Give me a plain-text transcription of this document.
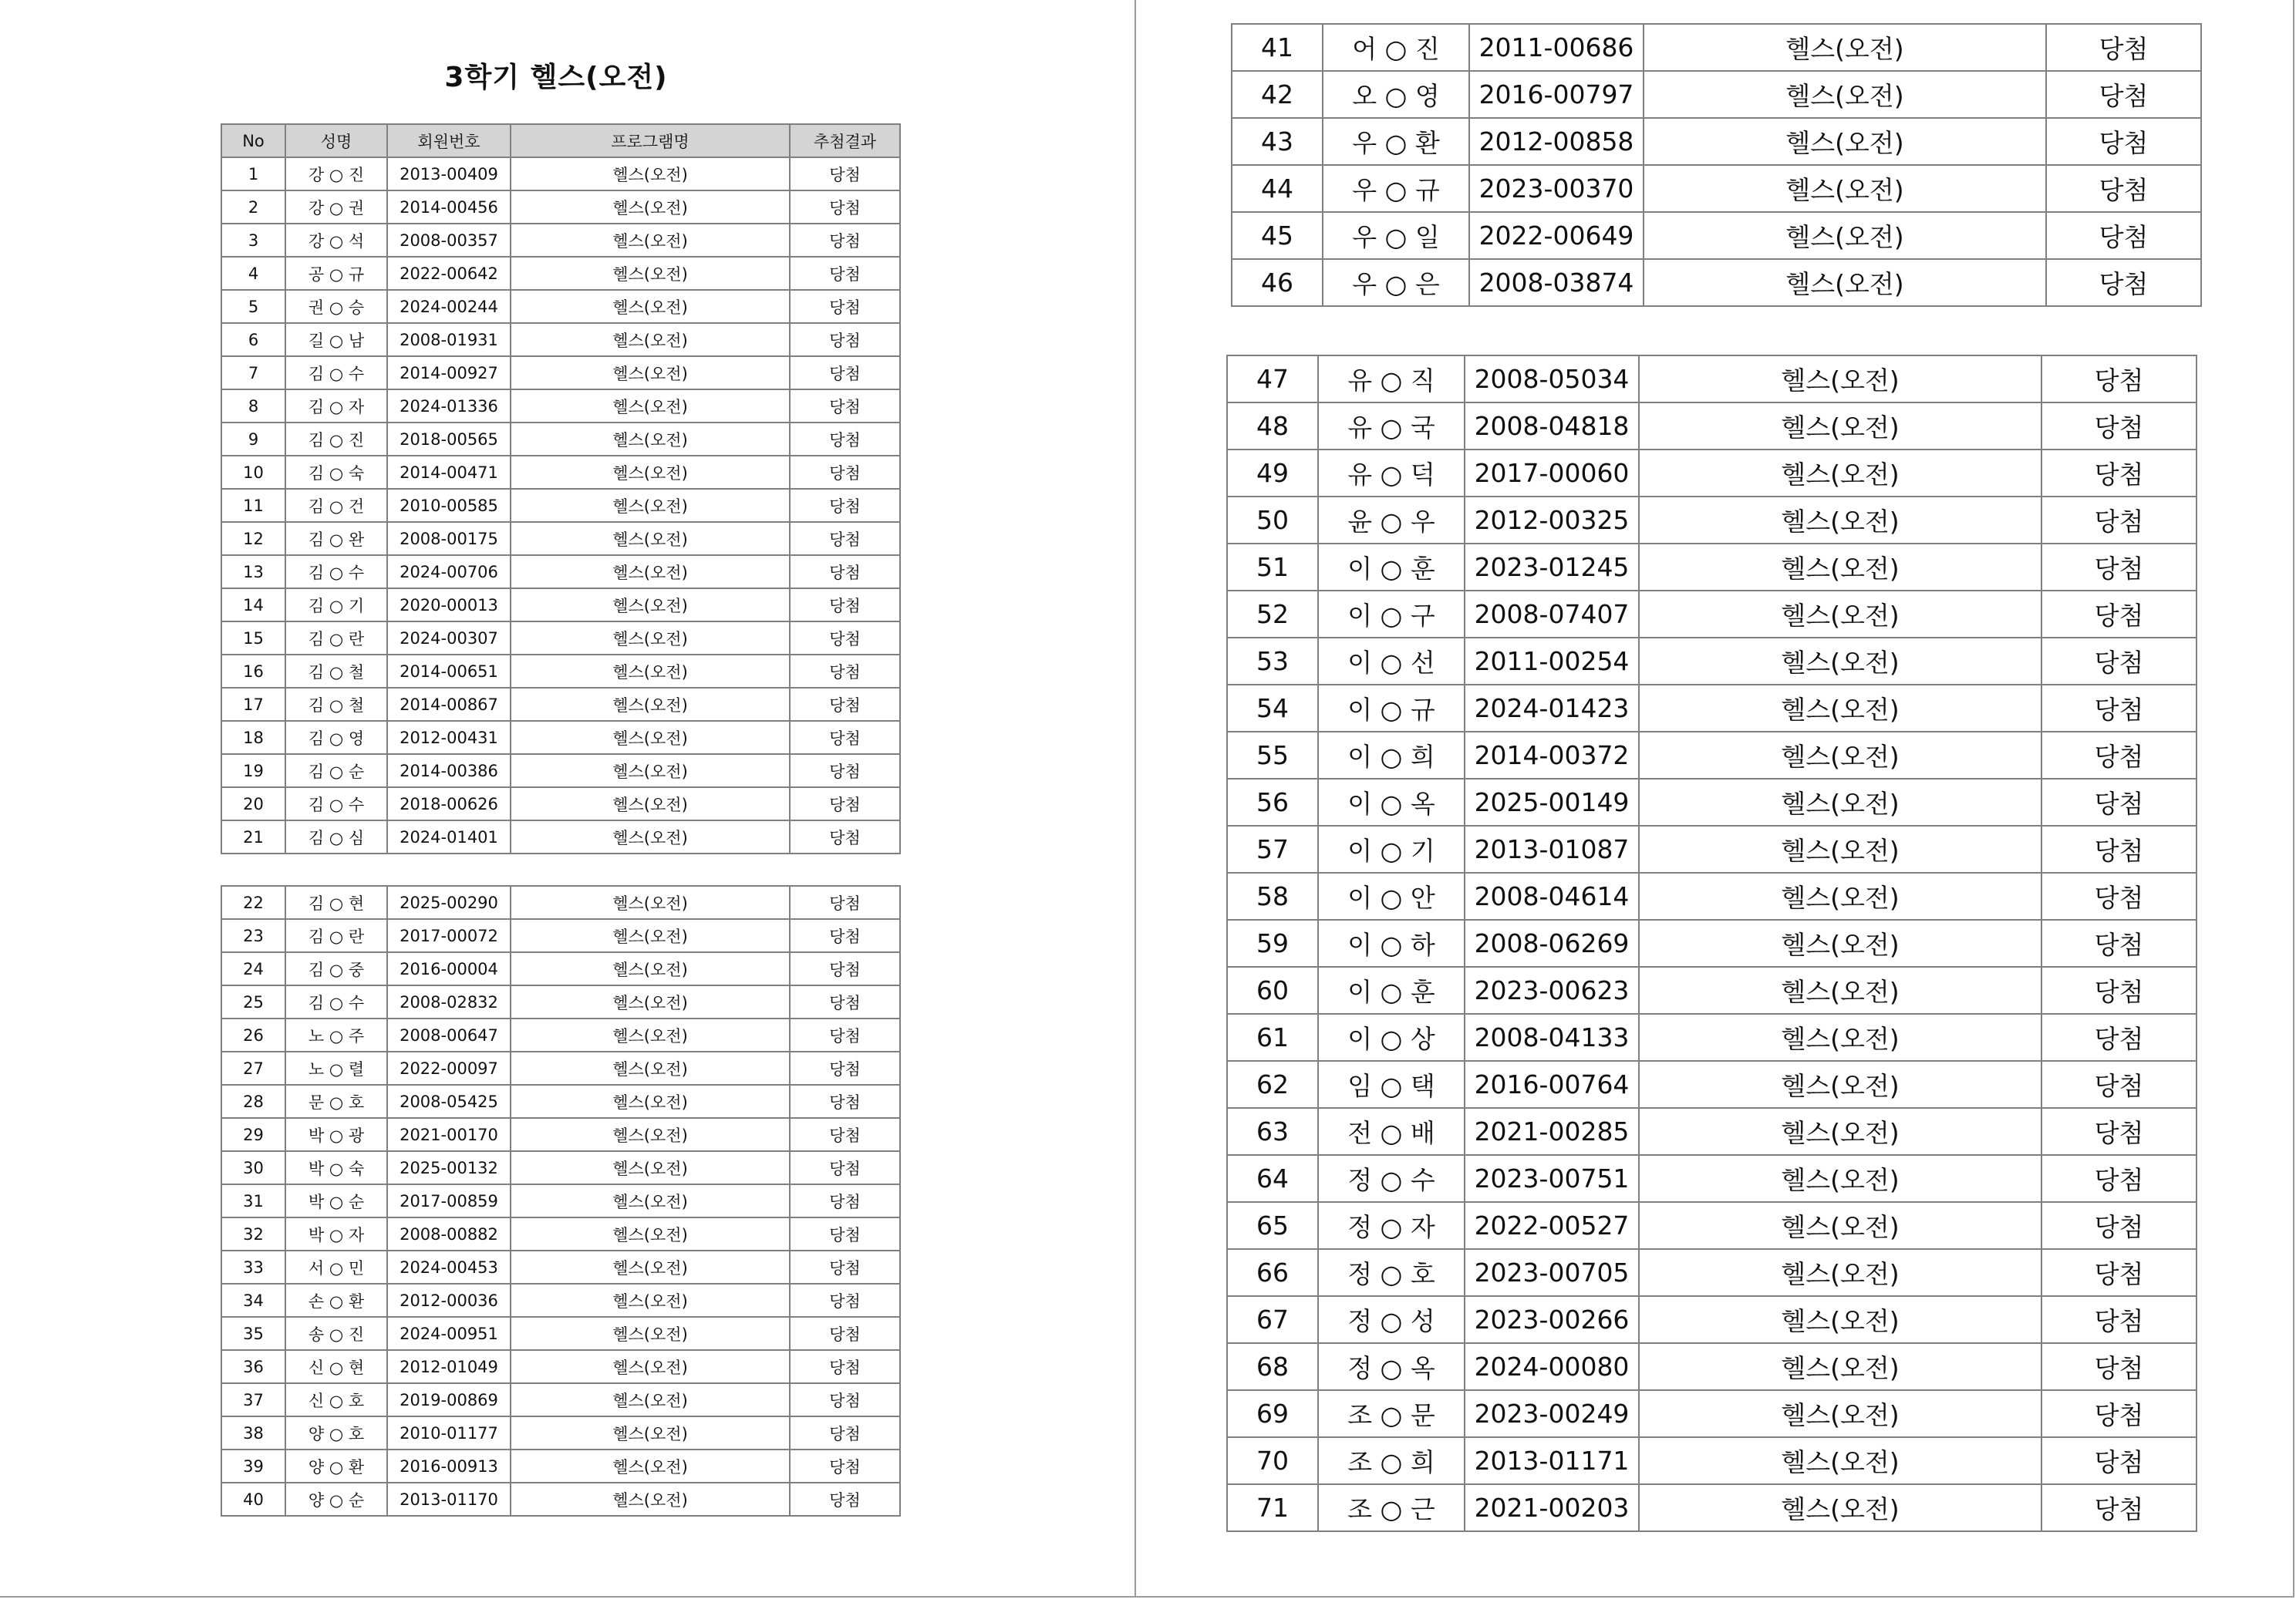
3학기 헬스(오전)
No	성명	회원번호	프로그램명	추첨결과
1	강 ○ 진	2013-00409	헬스(오전)	당첨
2	강 ○ 권	2014-00456	헬스(오전)	당첨
3	강 ○ 석	2008-00357	헬스(오전)	당첨
4	공 ○ 규	2022-00642	헬스(오전)	당첨
5	권 ○ 승	2024-00244	헬스(오전)	당첨
6	길 ○ 남	2008-01931	헬스(오전)	당첨
7	김 ○ 수	2014-00927	헬스(오전)	당첨
8	김 ○ 자	2024-01336	헬스(오전)	당첨
9	김 ○ 진	2018-00565	헬스(오전)	당첨
10	김 ○ 숙	2014-00471	헬스(오전)	당첨
11	김 ○ 건	2010-00585	헬스(오전)	당첨
12	김 ○ 완	2008-00175	헬스(오전)	당첨
13	김 ○ 수	2024-00706	헬스(오전)	당첨
14	김 ○ 기	2020-00013	헬스(오전)	당첨
15	김 ○ 란	2024-00307	헬스(오전)	당첨
16	김 ○ 철	2014-00651	헬스(오전)	당첨
17	김 ○ 철	2014-00867	헬스(오전)	당첨
18	김 ○ 영	2012-00431	헬스(오전)	당첨
19	김 ○ 순	2014-00386	헬스(오전)	당첨
20	김 ○ 수	2018-00626	헬스(오전)	당첨
21	김 ○ 심	2024-01401	헬스(오전)	당첨
22	김 ○ 현	2025-00290	헬스(오전)	당첨
23	김 ○ 란	2017-00072	헬스(오전)	당첨
24	김 ○ 중	2016-00004	헬스(오전)	당첨
25	김 ○ 수	2008-02832	헬스(오전)	당첨
26	노 ○ 주	2008-00647	헬스(오전)	당첨
27	노 ○ 렬	2022-00097	헬스(오전)	당첨
28	문 ○ 호	2008-05425	헬스(오전)	당첨
29	박 ○ 광	2021-00170	헬스(오전)	당첨
30	박 ○ 숙	2025-00132	헬스(오전)	당첨
31	박 ○ 순	2017-00859	헬스(오전)	당첨
32	박 ○ 자	2008-00882	헬스(오전)	당첨
33	서 ○ 민	2024-00453	헬스(오전)	당첨
34	손 ○ 환	2012-00036	헬스(오전)	당첨
35	송 ○ 진	2024-00951	헬스(오전)	당첨
36	신 ○ 현	2012-01049	헬스(오전)	당첨
37	신 ○ 호	2019-00869	헬스(오전)	당첨
38	양 ○ 호	2010-01177	헬스(오전)	당첨
39	양 ○ 환	2016-00913	헬스(오전)	당첨
40	양 ○ 순	2013-01170	헬스(오전)	당첨
41	어 ○ 진	2011-00686	헬스(오전)	당첨
42	오 ○ 영	2016-00797	헬스(오전)	당첨
43	우 ○ 환	2012-00858	헬스(오전)	당첨
44	우 ○ 규	2023-00370	헬스(오전)	당첨
45	우 ○ 일	2022-00649	헬스(오전)	당첨
46	우 ○ 은	2008-03874	헬스(오전)	당첨
47	유 ○ 직	2008-05034	헬스(오전)	당첨
48	유 ○ 국	2008-04818	헬스(오전)	당첨
49	유 ○ 덕	2017-00060	헬스(오전)	당첨
50	윤 ○ 우	2012-00325	헬스(오전)	당첨
51	이 ○ 훈	2023-01245	헬스(오전)	당첨
52	이 ○ 구	2008-07407	헬스(오전)	당첨
53	이 ○ 선	2011-00254	헬스(오전)	당첨
54	이 ○ 규	2024-01423	헬스(오전)	당첨
55	이 ○ 희	2014-00372	헬스(오전)	당첨
56	이 ○ 옥	2025-00149	헬스(오전)	당첨
57	이 ○ 기	2013-01087	헬스(오전)	당첨
58	이 ○ 안	2008-04614	헬스(오전)	당첨
59	이 ○ 하	2008-06269	헬스(오전)	당첨
60	이 ○ 훈	2023-00623	헬스(오전)	당첨
61	이 ○ 상	2008-04133	헬스(오전)	당첨
62	임 ○ 택	2016-00764	헬스(오전)	당첨
63	전 ○ 배	2021-00285	헬스(오전)	당첨
64	정 ○ 수	2023-00751	헬스(오전)	당첨
65	정 ○ 자	2022-00527	헬스(오전)	당첨
66	정 ○ 호	2023-00705	헬스(오전)	당첨
67	정 ○ 성	2023-00266	헬스(오전)	당첨
68	정 ○ 옥	2024-00080	헬스(오전)	당첨
69	조 ○ 문	2023-00249	헬스(오전)	당첨
70	조 ○ 희	2013-01171	헬스(오전)	당첨
71	조 ○ 근	2021-00203	헬스(오전)	당첨
